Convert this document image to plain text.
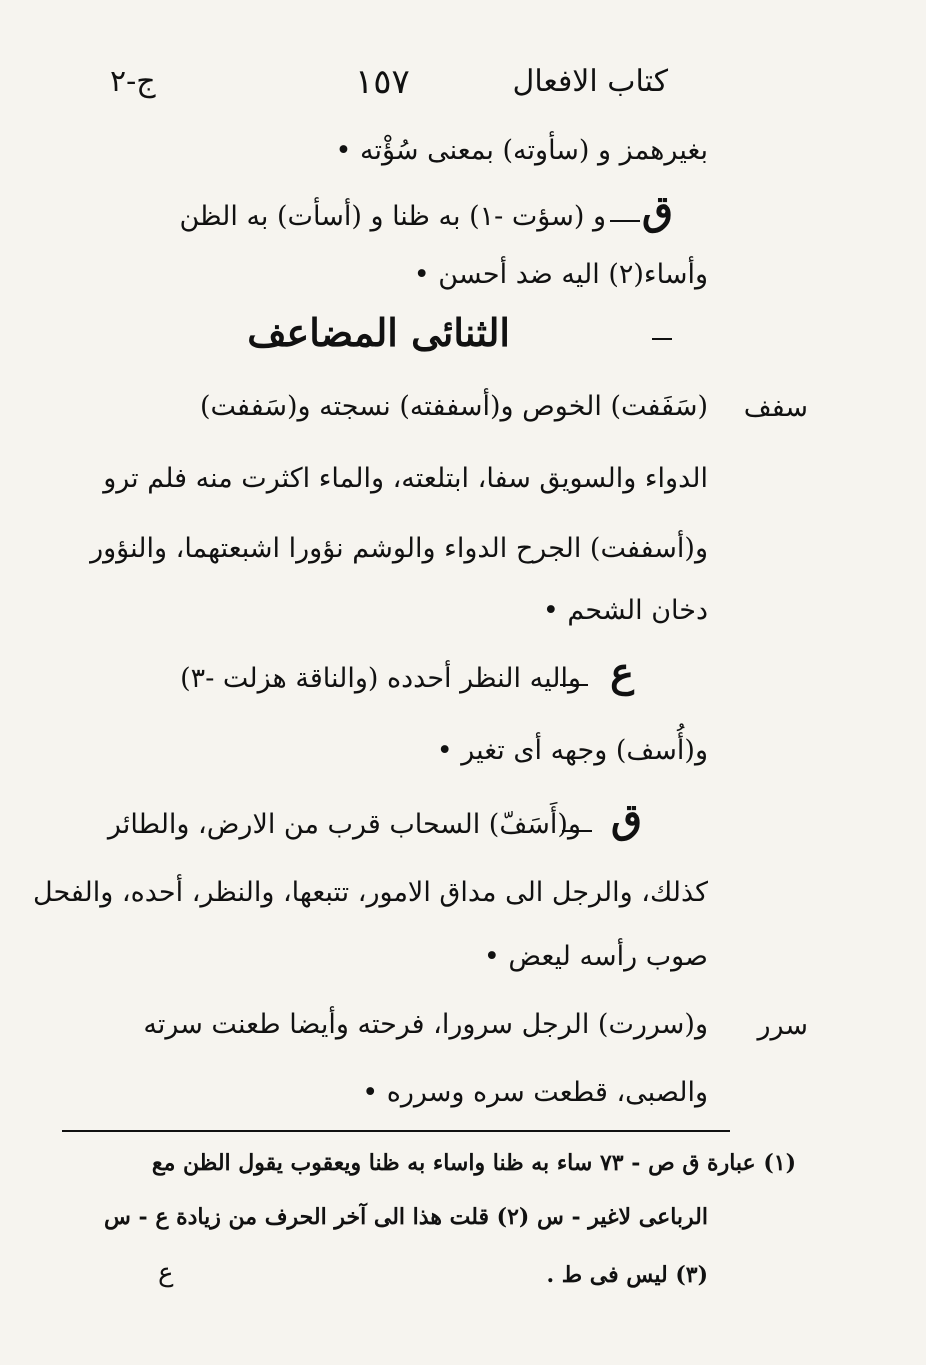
كتاب الافعال
١٥٧
ج-٢
بغيرهمز و (سأوته) بمعنى سُؤْته •
ق
و (سؤت -١) به ظنا و (أسأت) به الظن
وأساء(٢) اليه ضد أحسن •
الثنائى المضاعف
سفف
(سَفَفت) الخوص و(أسففته) نسجته و(سَففت)
الدواء والسويق سفا، ابتلعته، والماء اكثرت منه فلم ترو
و(أسففت) الجرح الدواء والوشم نؤورا اشبعتهما، والنؤور
دخان الشحم •
ع
واليه النظر أحدده (والناقة هزلت -٣)
و(أُسف) وجهه أى تغير •
ق
و(أَسَفّ) السحاب قرب من الارض، والطائر
كذلك، والرجل الى مداق الامور، تتبعها، والنظر، أحده، والفحل
صوب رأسه ليعض •
سرر
و(سررت) الرجل سرورا، فرحته وأيضا طعنت سرته
والصبى، قطعت سره وسرره •
(١) عبارة ق ص - ٧٣ ساء به ظنا واساء به ظنا ويعقوب يقول الظن مع
الرباعى لاغير - س (٢) قلت هذا الى آخر الحرف من زيادة ع - س
(٣) ليس فى ط .
ع
